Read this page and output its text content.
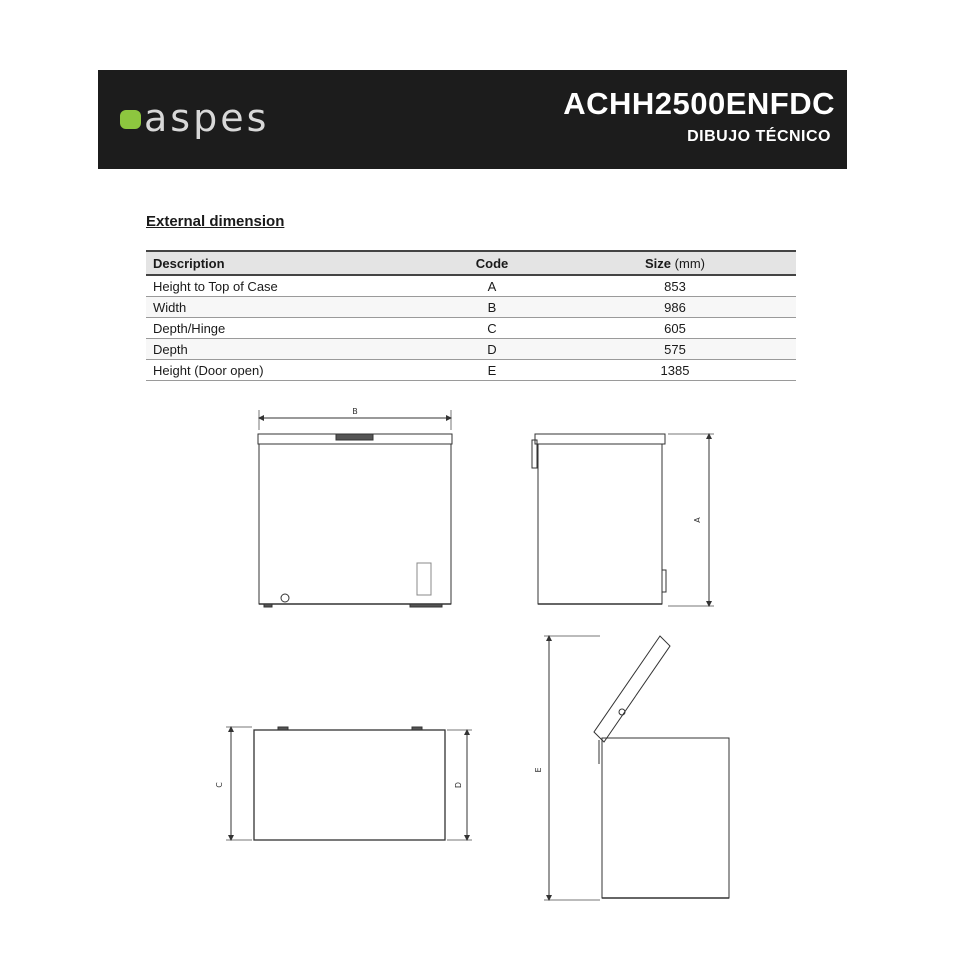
aspes	ACHH2500ENFDC
DIBUJO TÉCNICO
External dimension
Description	Code	Size (mm)
Height to Top of Case	A	853
Width	B	986
Depth/Hinge	C	605
Depth	D	575
Height (Door open)	E	1385
B
A
C	D
E
